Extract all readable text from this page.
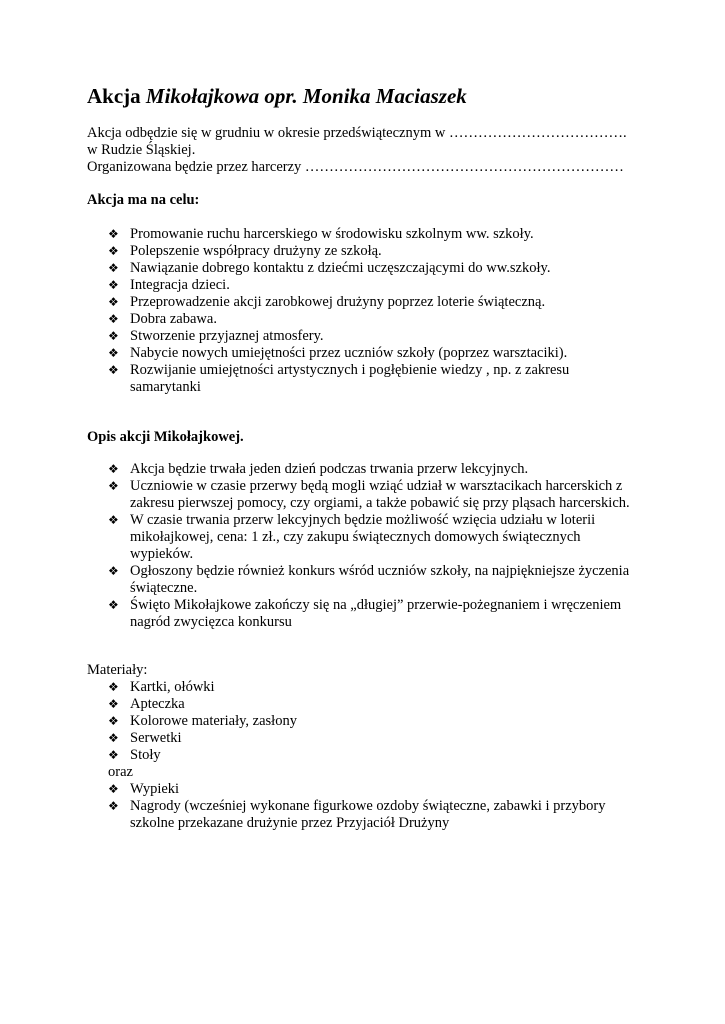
Akcja Mikołajkowa opr. Monika Maciaszek
Akcja odbędzie się w grudniu w okresie przedświątecznym w ……………………………….
w Rudzie Śląskiej.
Organizowana będzie przez harcerzy …………………………………………………………
Akcja ma na celu:
❖ Promowanie ruchu harcerskiego w środowisku szkolnym ww. szkoły.
❖ Polepszenie współpracy drużyny ze szkołą.
❖ Nawiązanie dobrego kontaktu z dziećmi uczęszczającymi do ww.szkoły.
❖ Integracja dzieci.
❖ Przeprowadzenie akcji zarobkowej drużyny poprzez loterie świąteczną.
❖ Dobra zabawa.
❖ Stworzenie przyjaznej atmosfery.
❖ Nabycie nowych umiejętności przez uczniów szkoły (poprzez warsztaciki).
❖ Rozwijanie umiejętności artystycznych i pogłębienie wiedzy , np. z zakresu samarytanki
Opis akcji Mikołajkowej.
❖ Akcja będzie trwała jeden dzień podczas trwania przerw lekcyjnych.
❖ Uczniowie w czasie przerwy będą mogli wziąć udział w warsztacikach harcerskich z zakresu pierwszej pomocy, czy orgiami, a także pobawić się przy pląsach harcerskich.
❖ W czasie trwania przerw lekcyjnych będzie możliwość wzięcia udziału w loterii mikołajkowej, cena: 1 zł., czy zakupu świątecznych domowych świątecznych wypieków.
❖ Ogłoszony będzie również konkurs wśród uczniów szkoły, na najpiękniejsze życzenia świąteczne.
❖ Święto Mikołajkowe zakończy się na „długiej” przerwie-pożegnaniem i wręczeniem nagród zwycięzca konkursu
Materiały:
❖ Kartki, ołówki
❖ Apteczka
❖ Kolorowe materiały, zasłony
❖ Serwetki
❖ Stoły
oraz
❖ Wypieki
❖ Nagrody (wcześniej wykonane figurkowe ozdoby świąteczne, zabawki i przybory szkolne przekazane drużynie przez Przyjaciół Drużyny
